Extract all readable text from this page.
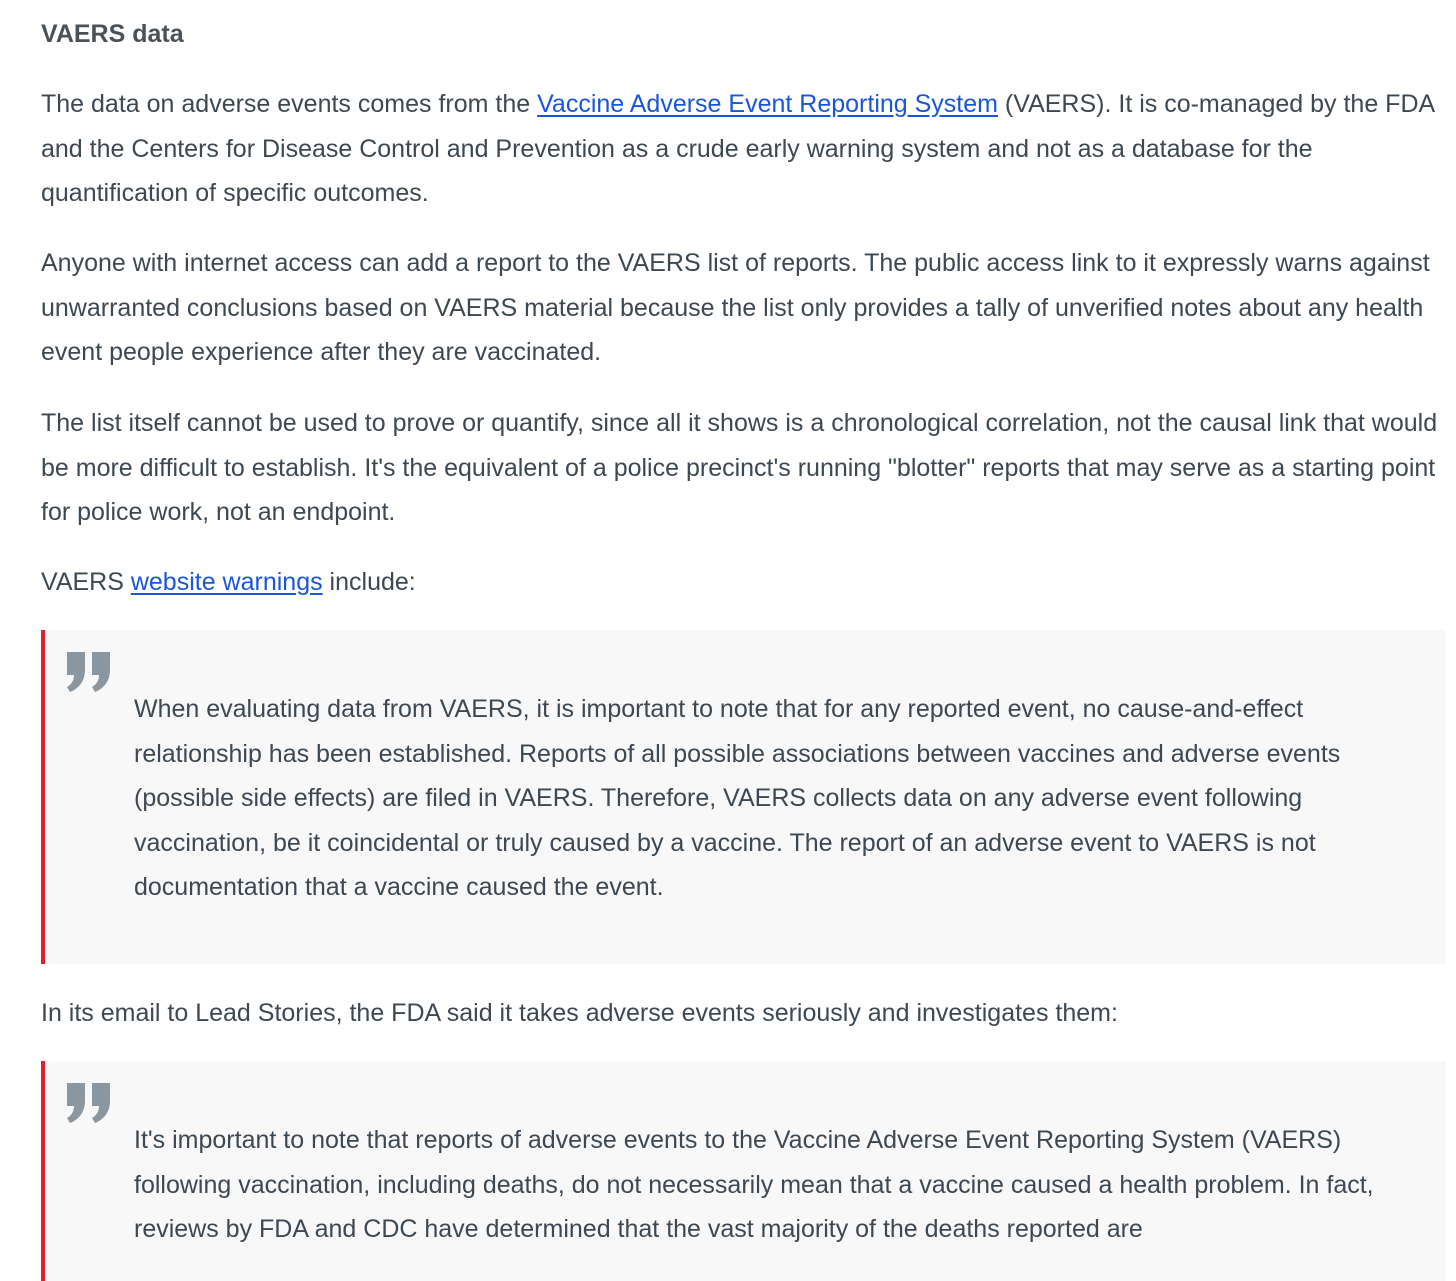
VAERS data

The data on adverse events comes from the Vaccine Adverse Event Reporting System (VAERS). It is co-managed by the FDA and the Centers for Disease Control and Prevention as a crude early warning system and not as a database for the quantification of specific outcomes.

Anyone with internet access can add a report to the VAERS list of reports. The public access link to it expressly warns against unwarranted conclusions based on VAERS material because the list only provides a tally of unverified notes about any health event people experience after they are vaccinated.

The list itself cannot be used to prove or quantify, since all it shows is a chronological correlation, not the causal link that would be more difficult to establish. It's the equivalent of a police precinct's running "blotter" reports that may serve as a starting point for police work, not an endpoint.

VAERS website warnings include:

When evaluating data from VAERS, it is important to note that for any reported event, no cause-and-effect relationship has been established. Reports of all possible associations between vaccines and adverse events (possible side effects) are filed in VAERS. Therefore, VAERS collects data on any adverse event following vaccination, be it coincidental or truly caused by a vaccine. The report of an adverse event to VAERS is not documentation that a vaccine caused the event.

In its email to Lead Stories, the FDA said it takes adverse events seriously and investigates them:

It's important to note that reports of adverse events to the Vaccine Adverse Event Reporting System (VAERS) following vaccination, including deaths, do not necessarily mean that a vaccine caused a health problem. In fact, reviews by FDA and CDC have determined that the vast majority of the deaths reported are
